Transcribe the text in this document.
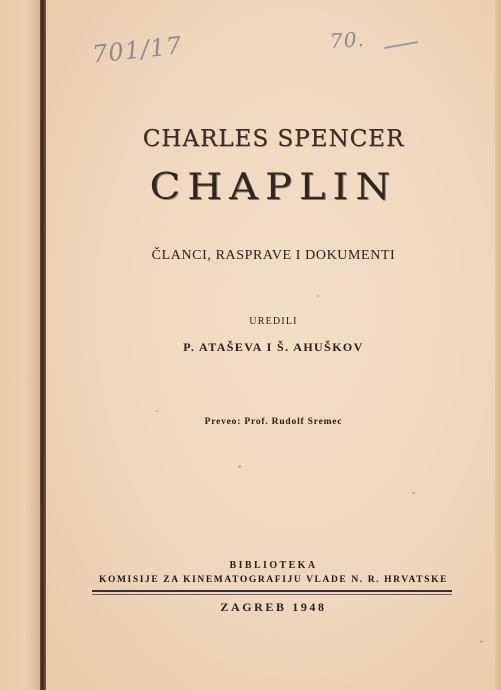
701/17	70.
CHARLES SPENCER
CHAPLIN
ČLANCI, RASPRAVE I DOKUMENTI
UREDILI
P. ATAŠEVA I Š. AHUŠKOV
Preveo: Prof. Rudolf Sremec
BIBLIOTEKA
KOMISIJE ZA KINEMATOGRAFIJU VLADE N. R. HRVATSKE
ZAGREB 1948
